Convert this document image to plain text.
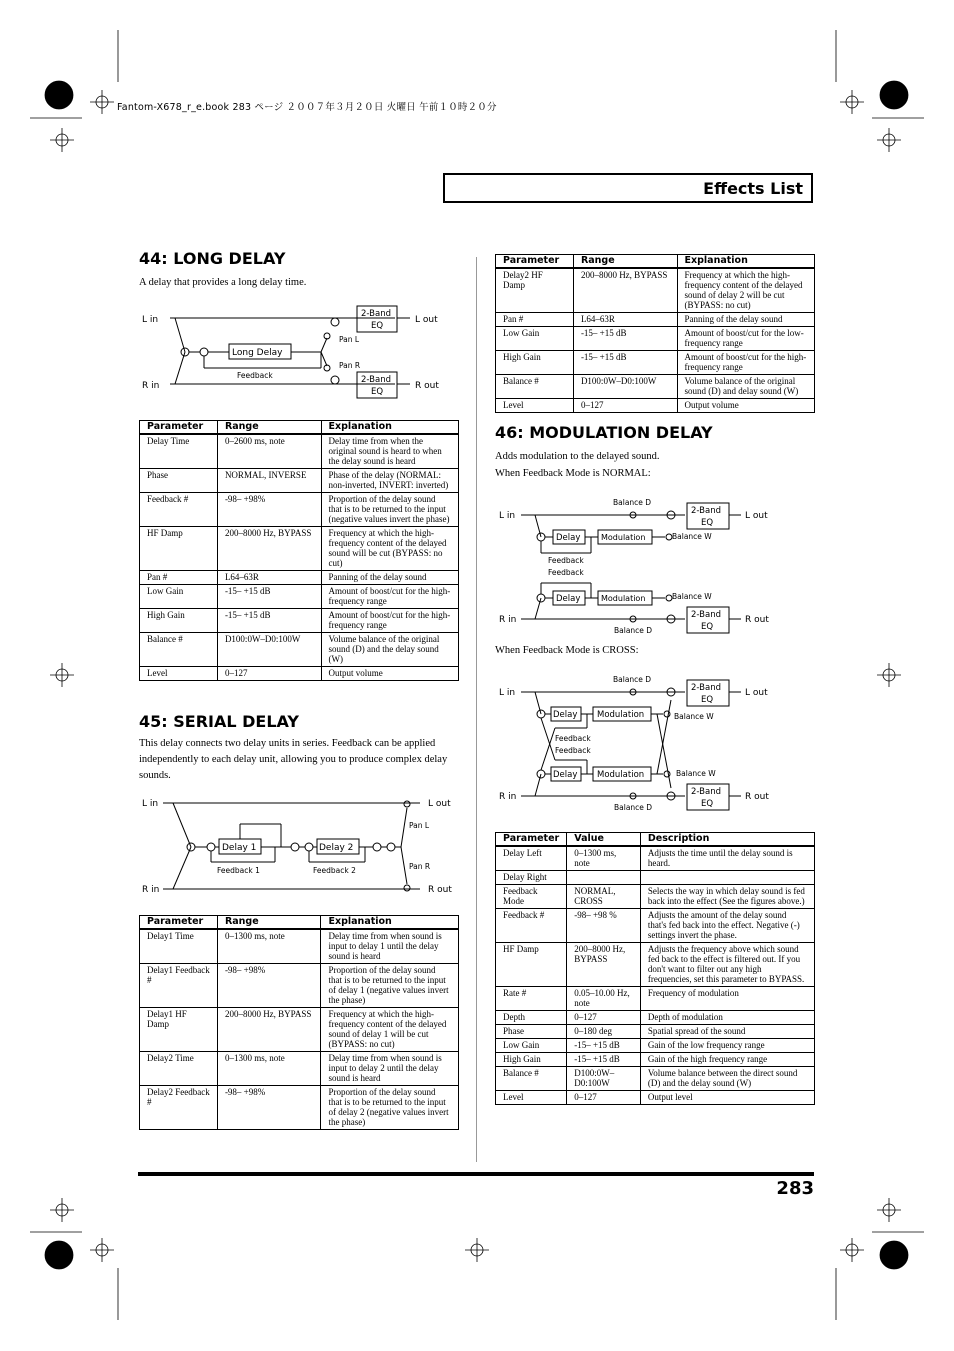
Fantom-X678_r_e.book 283 ページ ２００７年３月２０日 火曜日 午前１０時２０分
Effects List
44: LONG DELAY

A delay that provides a long delay time.

L in
R in
L out
R out
Long Delay
Feedback
Pan L
Pan R
2-Band
EQ
2-Band
EQ
Parameter	Range	Explanation
Delay Time	0–2600 ms, note	Delay time from when the original sound is heard to when the delay sound is heard
Phase	NORMAL, INVERSE	Phase of the delay (NORMAL: non-inverted, INVERT: inverted)
Feedback #	-98– +98%	Proportion of the delay sound that is to be returned to the input (negative values invert the phase)
HF Damp	200–8000 Hz, BYPASS	Frequency at which the high-frequency content of the delayed sound will be cut (BYPASS: no cut)
Pan #	L64–63R	Panning of the delay sound
Low Gain	-15– +15 dB	Amount of boost/cut for the high-frequency range
High Gain	-15– +15 dB	Amount of boost/cut for the high-frequency range
Balance #	D100:0W–D0:100W	Volume balance of the original sound (D) and the delay sound (W)
Level	0–127	Output volume
45: SERIAL DELAY

This delay connects two delay units in series. Feedback can be applied independently to each delay unit, allowing you to produce complex delay sounds.

L in
R in
L out
R out
Delay 1	Delay 2
Feedback 1	Feedback 2
Pan L
Pan R
Parameter	Range	Explanation
Delay1 Time	0–1300 ms, note	Delay time from when sound is input to delay 1 until the delay sound is heard
Delay1 Feedback #	-98– +98%	Proportion of the delay sound that is to be returned to the input of delay 1 (negative values invert the phase)
Delay1 HF Damp	200–8000 Hz, BYPASS	Frequency at which the high-frequency content of the delayed sound of delay 1 will be cut (BYPASS: no cut)
Delay2 Time	0–1300 ms, note	Delay time from when sound is input to delay 2 until the delay sound is heard
Delay2 Feedback #	-98– +98%	Proportion of the delay sound that is to be returned to the input of delay 2 (negative values invert the phase)
Parameter	Range	Explanation
Delay2 HF Damp	200–8000 Hz, BYPASS	Frequency at which the high-frequency content of the delayed sound of delay 2 will be cut (BYPASS: no cut)
Pan #	L64–63R	Panning of the delay sound
Low Gain	-15– +15 dB	Amount of boost/cut for the low-frequency range
High Gain	-15– +15 dB	Amount of boost/cut for the high-frequency range
Balance #	D100:0W–D0:100W	Volume balance of the original sound (D) and delay sound (W)
Level	0–127	Output volume
46: MODULATION DELAY

Adds modulation to the delayed sound.

When Feedback Mode is NORMAL:

L in
R in
L out
R out
Balance D
Balance D
Balance W
Balance W
Delay
Delay
Modulation
Modulation
Feedback
Feedback
2-Band
EQ
2-Band
EQ

When Feedback Mode is CROSS:

L in
R in
L out
R out
Balance D
Balance D
Balance W
Balance W
Delay
Delay
Modulation
Modulation
Feedback
Feedback
2-Band
EQ
2-Band
EQ
Parameter	Value	Description
Delay Left	0–1300 ms, note	Adjusts the time until the delay sound is heard.
Delay Right		
Feedback Mode	NORMAL, CROSS	Selects the way in which delay sound is fed back into the effect (See the figures above.)
Feedback #	-98– +98 %	Adjusts the amount of the delay sound that's fed back into the effect. Negative (-) settings invert the phase.
HF Damp	200–8000 Hz, BYPASS	Adjusts the frequency above which sound fed back to the effect is filtered out. If you don't want to filter out any high frequencies, set this parameter to BYPASS.
Rate #	0.05–10.00 Hz, note	Frequency of modulation
Depth	0–127	Depth of modulation
Phase	0–180 deg	Spatial spread of the sound
Low Gain	-15– +15 dB	Gain of the low frequency range
High Gain	-15– +15 dB	Gain of the high frequency range
Balance #	D100:0W–D0:100W	Volume balance between the direct sound (D) and the delay sound (W)
Level	0–127	Output level
283
